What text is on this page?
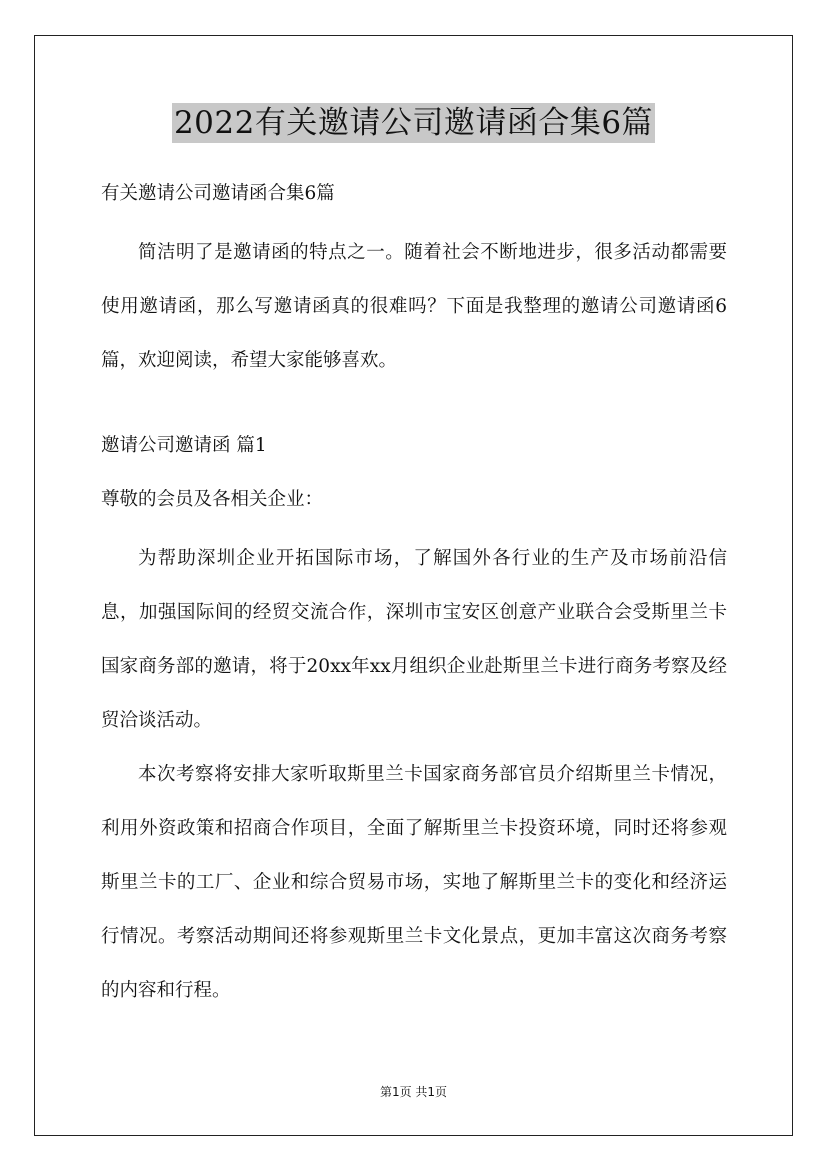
2022有关邀请公司邀请函合集6篇

有关邀请公司邀请函合集6篇

简洁明了是邀请函的特点之一。随着社会不断地进步，很多活动都需要使用邀请函，那么写邀请函真的很难吗？下面是我整理的邀请公司邀请函6篇，欢迎阅读，希望大家能够喜欢。

邀请公司邀请函 篇1

尊敬的会员及各相关企业：

为帮助深圳企业开拓国际市场，了解国外各行业的生产及市场前沿信息，加强国际间的经贸交流合作，深圳市宝安区创意产业联合会受斯里兰卡国家商务部的邀请，将于20xx年xx月组织企业赴斯里兰卡进行商务考察及经贸洽谈活动。

本次考察将安排大家听取斯里兰卡国家商务部官员介绍斯里兰卡情况，利用外资政策和招商合作项目，全面了解斯里兰卡投资环境，同时还将参观斯里兰卡的工厂、企业和综合贸易市场，实地了解斯里兰卡的变化和经济运行情况。考察活动期间还将参观斯里兰卡文化景点，更加丰富这次商务考察的内容和行程。

第1页 共1页
